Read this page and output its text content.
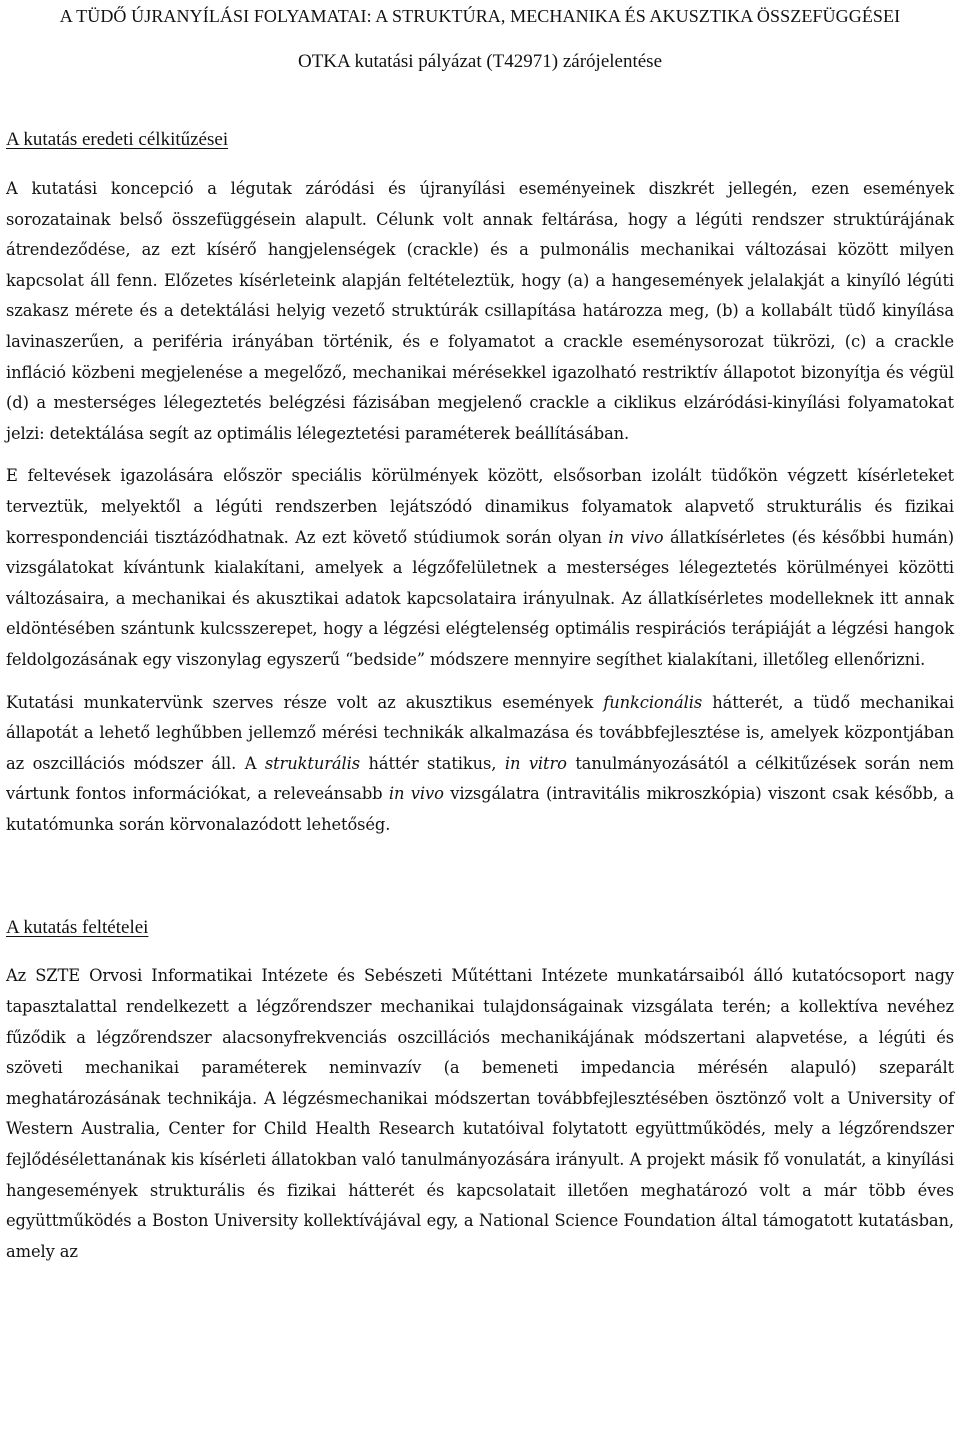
A TÜDŐ ÚJRANYÍLÁSI FOLYAMATAI: A STRUKTÚRA, MECHANIKA ÉS AKUSZTIKA ÖSSZEFÜGGÉSEI
OTKA kutatási pályázat (T42971) zárójelentése
A kutatás eredeti célkitűzései

A kutatási koncepció a légutak záródási és újranyílási eseményeinek diszkrét jellegén, ezen események sorozatainak belső összefüggésein alapult. Célunk volt annak feltárása, hogy a légúti rendszer struktúrájának átrendeződése, az ezt kísérő hangjelenségek (crackle) és a pulmonális mechanikai változásai között milyen kapcsolat áll fenn. Előzetes kísérleteink alapján feltételeztük, hogy (a) a hangesemények jelalakját a kinyíló légúti szakasz mérete és a detektálási helyig vezető struktúrák csillapítása határozza meg, (b) a kollabált tüdő kinyílása lavinaszerűen, a periféria irányában történik, és e folyamatot a crackle eseménysorozat tükrözi, (c) a crackle infláció közbeni megjelenése a megelőző, mechanikai mérésekkel igazolható restriktív állapotot bizonyítja és végül (d) a mesterséges lélegeztetés belégzési fázisában megjelenő crackle a ciklikus elzáródási-kinyílási folyamatokat jelzi: detektálása segít az optimális lélegeztetési paraméterek beállításában.

E feltevések igazolására először speciális körülmények között, elsősorban izolált tüdőkön végzett kísérleteket terveztük, melyektől a légúti rendszerben lejátszódó dinamikus folyamatok alapvető strukturális és fizikai korrespondenciái tisztázódhatnak. Az ezt követő stúdiumok során olyan in vivo állatkísérletes (és későbbi humán) vizsgálatokat kívántunk kialakítani, amelyek a légzőfelületnek a mesterséges lélegeztetés körülményei közötti változásaira, a mechanikai és akusztikai adatok kapcsolataira irányulnak. Az állatkísérletes modelleknek itt annak eldöntésében szántunk kulcsszerepet, hogy a légzési elégtelenség optimális respirációs terápiáját a légzési hangok feldolgozásának egy viszonylag egyszerű “bedside” módszere mennyire segíthet kialakítani, illetőleg ellenőrizni.

Kutatási munkatervünk szerves része volt az akusztikus események funkcionális hátterét, a tüdő mechanikai állapotát a lehető leghűbben jellemző mérési technikák alkalmazása és továbbfejlesztése is, amelyek központjában az oszcillációs módszer áll. A strukturális háttér statikus, in vitro tanulmányozásától a célkitűzések során nem vártunk fontos információkat, a releveánsabb in vivo vizsgálatra (intravitális mikroszkópia) viszont csak később, a kutatómunka során körvonalazódott lehetőség.

A kutatás feltételei

Az SZTE Orvosi Informatikai Intézete és Sebészeti Műtéttani Intézete munkatársaiból álló kutatócsoport nagy tapasztalattal rendelkezett a légzőrendszer mechanikai tulajdonságainak vizsgálata terén; a kollektíva nevéhez fűződik a légzőrendszer alacsonyfrekvenciás oszcillációs mechanikájának módszertani alapvetése, a légúti és szöveti mechanikai paraméterek neminvazív (a bemeneti impedancia mérésén alapuló) szeparált meghatározásának technikája. A légzésmechanikai módszertan továbbfejlesztésében ösztönző volt a University of Western Australia, Center for Child Health Research kutatóival folytatott együttműködés, mely a légzőrendszer fejlődésélettanának kis kísérleti állatokban való tanulmányozására irányult. A projekt másik fő vonulatát, a kinyílási hangesemények strukturális és fizikai hátterét és kapcsolatait illetően meghatározó volt a már több éves együttműködés a Boston University kollektívájával egy, a National Science Foundation által támogatott kutatásban, amely az
